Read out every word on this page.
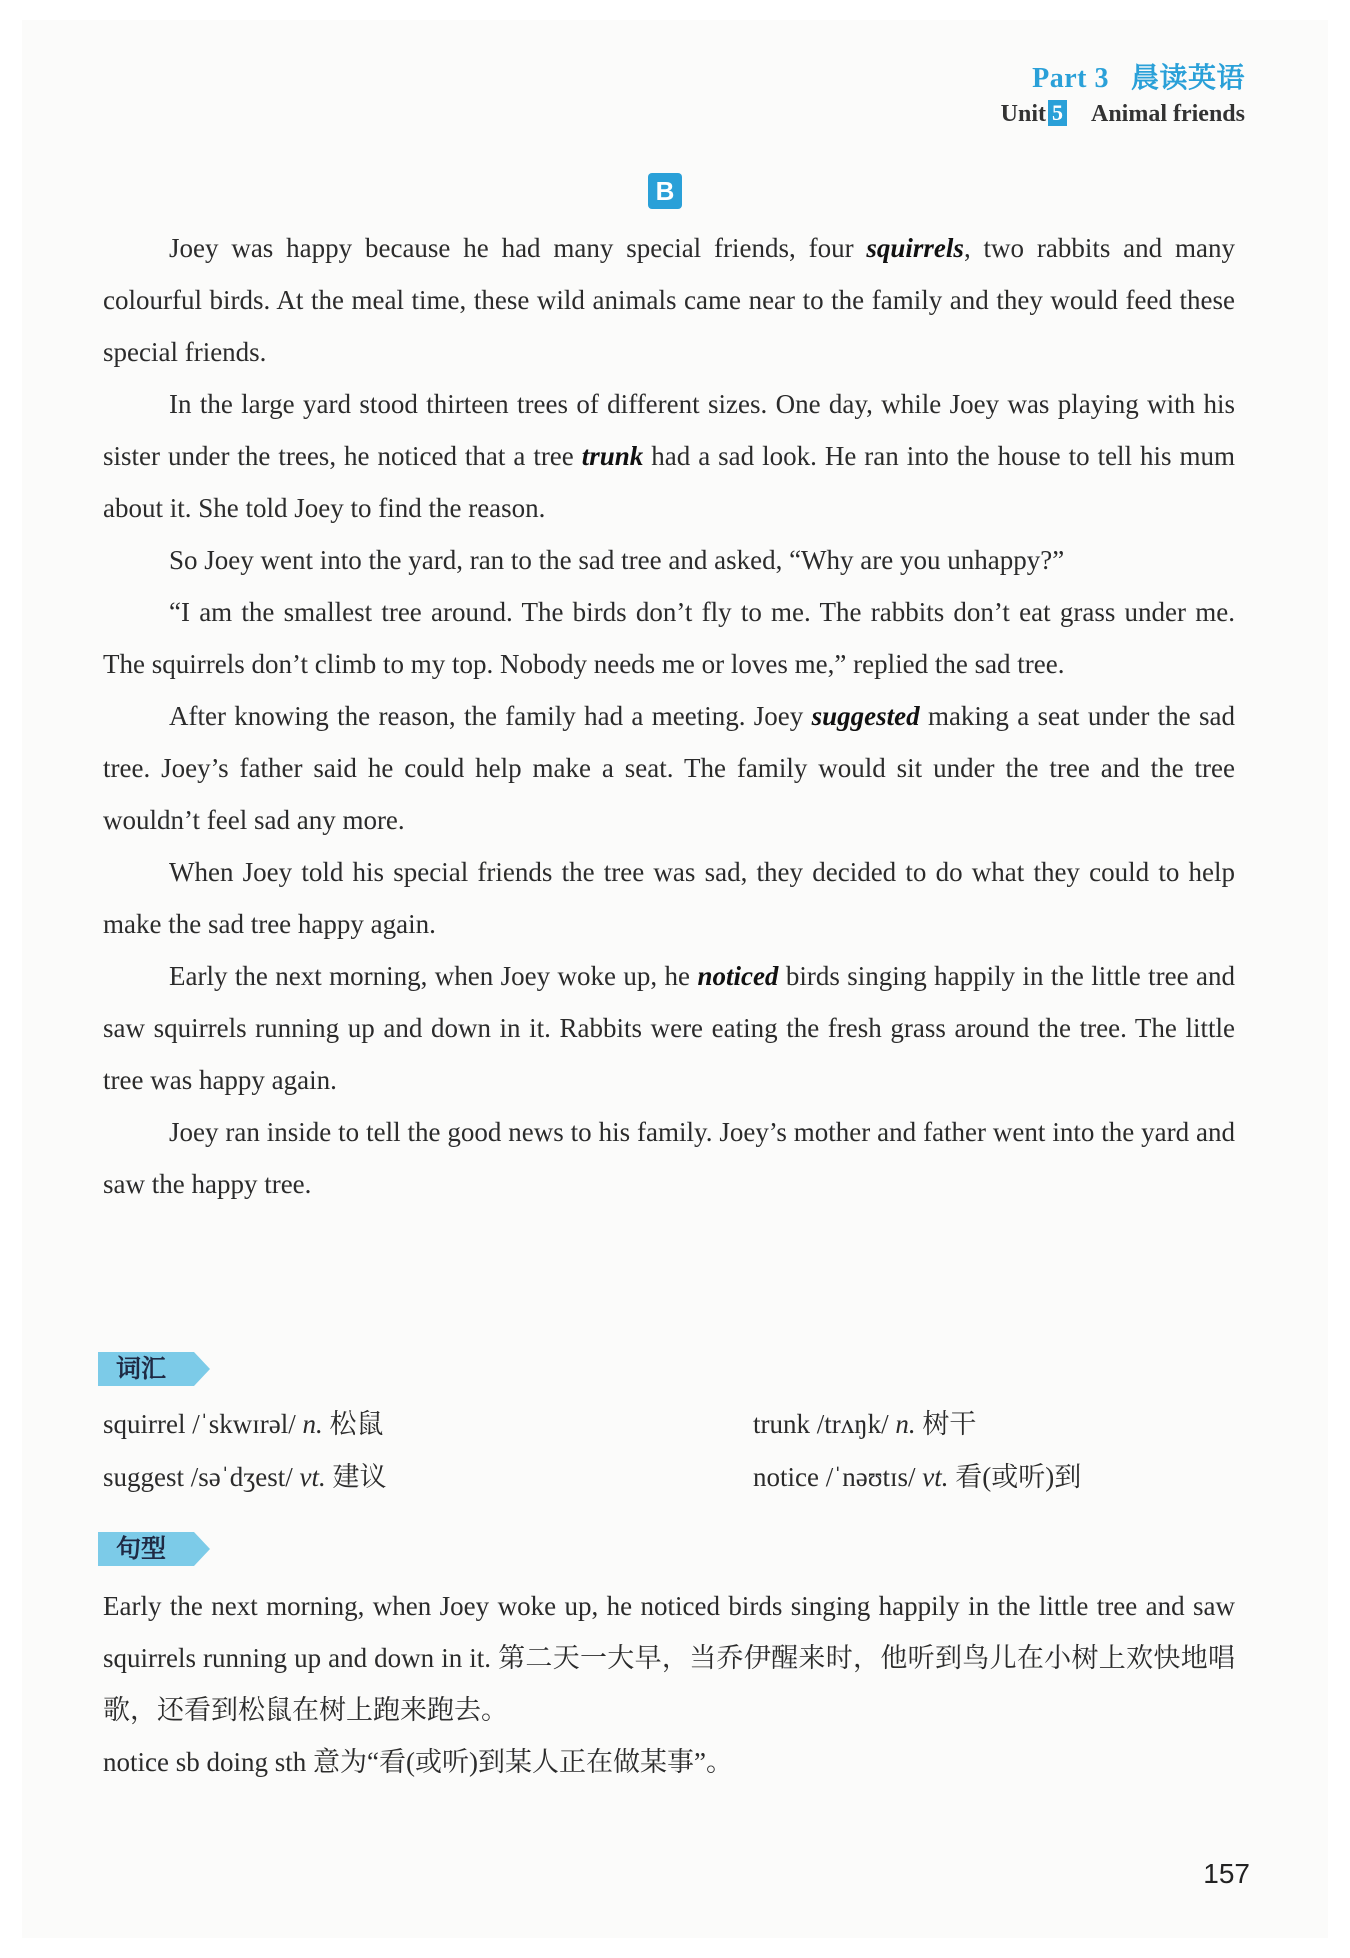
Part 3 晨读英语
Unit 5 Animal friends
B

Joey was happy because he had many special friends, four squirrels, two rabbits and many colourful birds. At the meal time, these wild animals came near to the family and they would feed these special friends.

In the large yard stood thirteen trees of different sizes. One day, while Joey was playing with his sister under the trees, he noticed that a tree trunk had a sad look. He ran into the house to tell his mum about it. She told Joey to find the reason.

So Joey went into the yard, ran to the sad tree and asked, “Why are you unhappy?”

“I am the smallest tree around. The birds don’t fly to me. The rabbits don’t eat grass under me. The squirrels don’t climb to my top. Nobody needs me or loves me,” replied the sad tree.

After knowing the reason, the family had a meeting. Joey suggested making a seat under the sad tree. Joey’s father said he could help make a seat. The family would sit under the tree and the tree wouldn’t feel sad any more.

When Joey told his special friends the tree was sad, they decided to do what they could to help make the sad tree happy again.

Early the next morning, when Joey woke up, he noticed birds singing happily in the little tree and saw squirrels running up and down in it. Rabbits were eating the fresh grass around the tree. The little tree was happy again.

Joey ran inside to tell the good news to his family. Joey’s mother and father went into the yard and saw the happy tree.

词汇
squirrel /ˈskwɪrəl/ n. 松鼠	trunk /trʌŋk/ n. 树干
suggest /səˈdʒest/ vt. 建议	notice /ˈnəʊtɪs/ vt. 看(或听)到
句型

Early the next morning, when Joey woke up, he noticed birds singing happily in the little tree and saw squirrels running up and down in it. 第二天一大早，当乔伊醒来时，他听到鸟儿在小树上欢快地唱歌，还看到松鼠在树上跑来跑去。

notice sb doing sth 意为“看(或听)到某人正在做某事”。

157
